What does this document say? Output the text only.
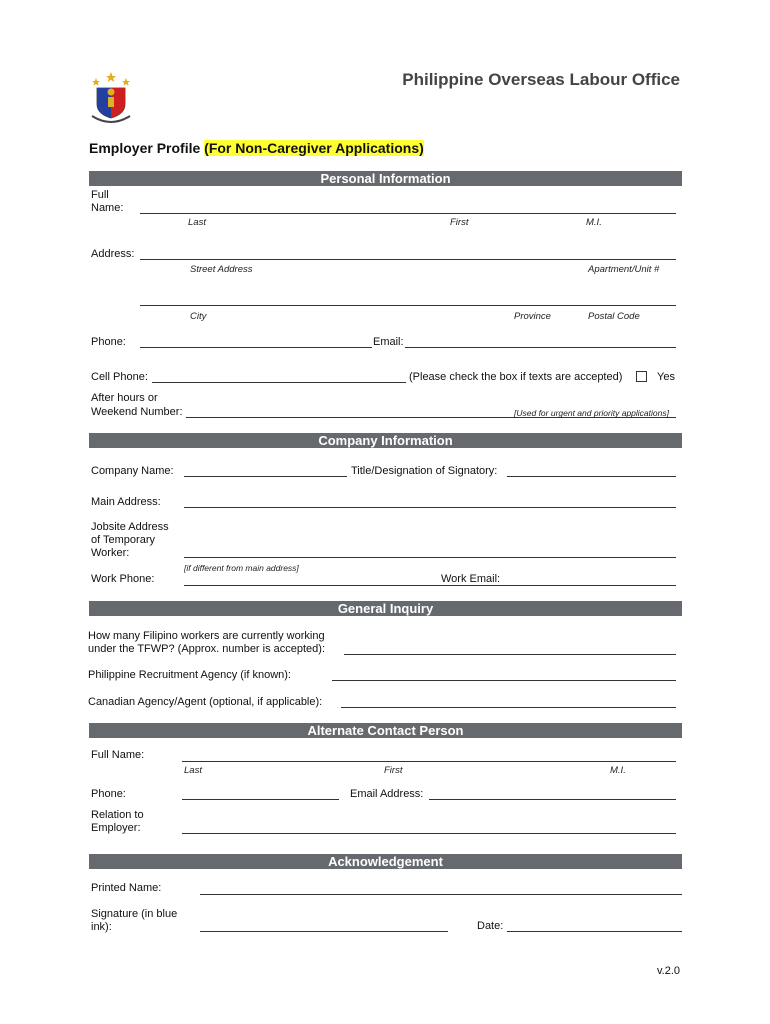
Philippine Overseas Labour Office
Employer Profile (For Non-Caregiver Applications)
Personal Information
Full
Name:
Last	First	M.I.
Address:
Street Address	Apartment/Unit #
City	Province	Postal Code
Phone:	Email:
Cell Phone:	(Please check the box if texts are accepted)	Yes
After hours or
Weekend Number:	[Used for urgent and priority applications]
Company Information
Company Name:	Title/Designation of Signatory:
Main Address:
Jobsite Address
of Temporary
Worker:
[if different from main address]
Work Phone:	Work Email:
General Inquiry
How many Filipino workers are currently working
under the TFWP? (Approx. number is accepted):
Philippine Recruitment Agency (if known):
Canadian Agency/Agent (optional, if applicable):
Alternate Contact Person
Full Name:
Last	First	M.I.
Phone:	Email Address:
Relation to
Employer:
Acknowledgement
Printed Name:
Signature (in blue
ink):	Date:
v.2.0
